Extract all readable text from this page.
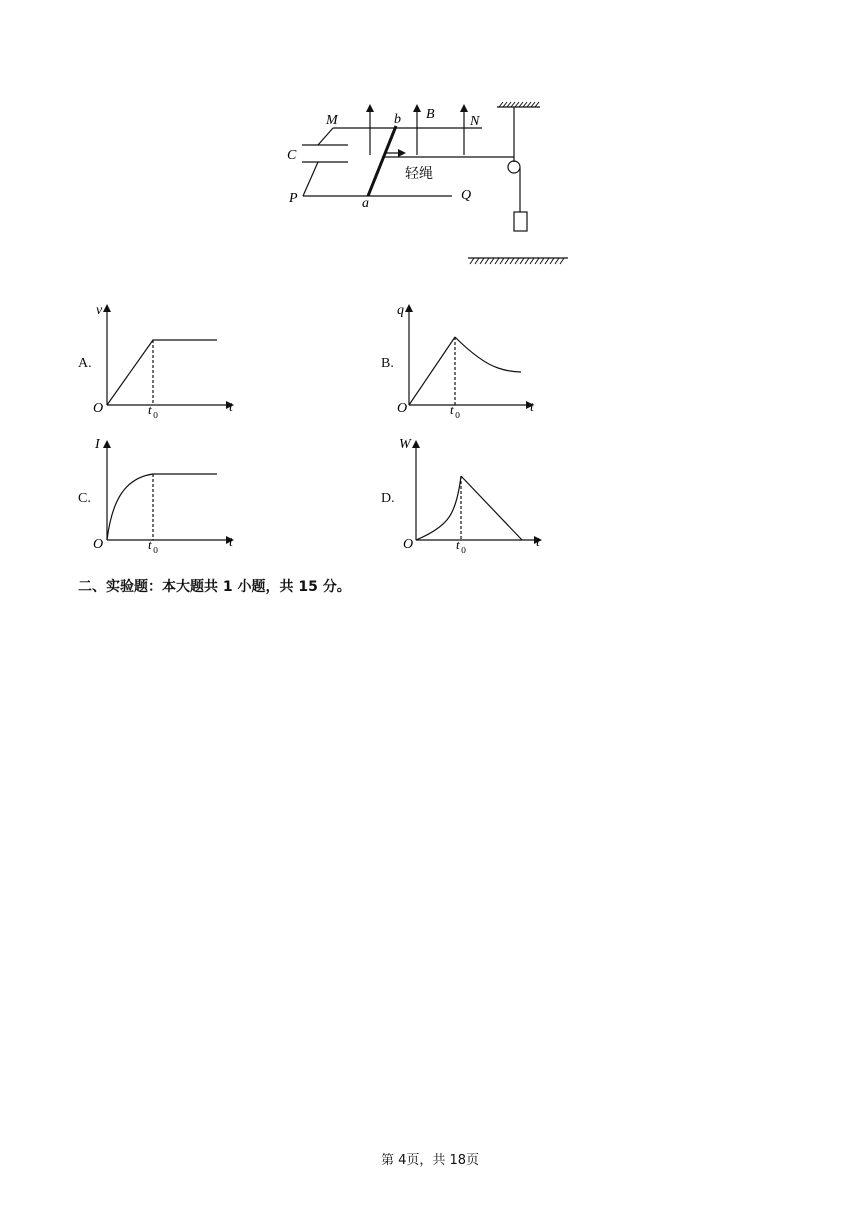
M	b B	N
C
P	a
Q
轻绳
v
O	t
t 0
q
O	t
t 0
I
O	t
t 0
W
O	t
t 0
A.	B.
C.	D.
二、实验题：本大题共 1 小题，共 15 分。
第 4页，共 18页
